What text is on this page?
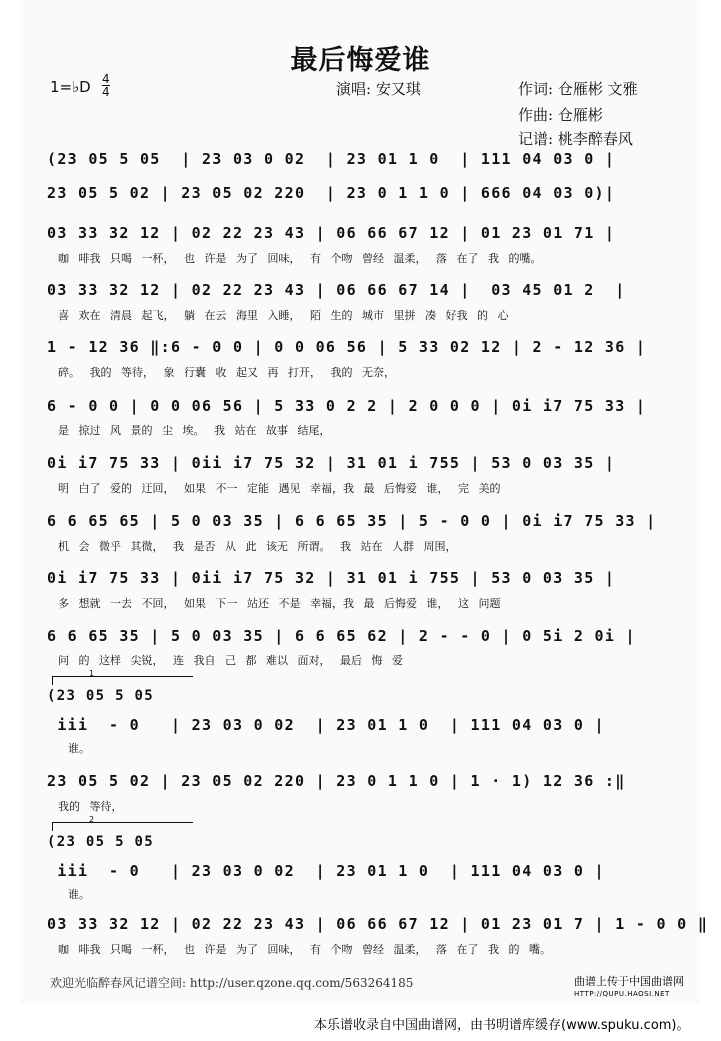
最后悔爱谁
1=♭D 4
4	演唱: 安又琪	作词: 仓雁彬 文雅
作曲: 仓雁彬
记谱: 桃李醉春风
(23 05 5 05  | 23 03 0 02  | 23 01 1 0  | 111 04 03 0 |
23 05 5 02 | 23 05 02 220  | 23 0 1 1 0 | 666 04 03 0)|
03 33 32 12 | 02 22 23 43 | 06 66 67 12 | 01 23 01 71 |
咖 啡我 只喝 一杯， 也 许是 为了 回味， 有 个吻 曾经 温柔， 落 在了 我 的嘴。
03 33 32 12 | 02 22 23 43 | 06 66 67 14 |  03 45 01 2  |
喜 欢在 清晨 起飞， 躺 在云 海里 入睡， 陌 生的 城市 里拼 凑 好我 的 心
1 - 12 36 ‖:6 - 0 0 | 0 0 06 56 | 5 33 02 12 | 2 - 12 36 |
碎。 我的 等待， 象 行囊 收 起又 再 打开， 我的 无奈，
6 - 0 0 | 0 0 06 56 | 5 33 0 2 2 | 2 0 0 0 | 0i i7 75 33 |
是 掠过 风 景的 尘 埃。 我 站在 故事 结尾，
0i i7 75 33 | 0ii i7 75 32 | 31 01 i 755 | 53 0 03 35 |
明 白了 爱的 迂回， 如果 不一 定能 遇见 幸福，我 最 后悔爱 谁， 完 美的
6 6 65 65 | 5 0 03 35 | 6 6 65 35 | 5 - 0 0 | 0i i7 75 33 |
机 会 微乎 其微， 我 是否 从 此 该无 所谓。 我 站在 人群 周围，
0i i7 75 33 | 0ii i7 75 32 | 31 01 i 755 | 53 0 03 35 |
多 想就 一去 不回， 如果 下一 站还 不是 幸福，我 最 后悔爱 谁， 这 问题
6 6 65 35 | 5 0 03 35 | 6 6 65 62 | 2 - - 0 | 0 5i 2 0i |
问 的 这样 尖锐， 连 我自 己 都 难以 面对， 最后 悔 爱
1
(23 05 5 05
iii  - 0   | 23 03 0 02  | 23 01 1 0  | 111 04 03 0 |
谁。
23 05 5 02 | 23 05 02 220 | 23 0 1 1 0 | 1 · 1) 12 36 :‖
我的 等待，
2
(23 05 5 05
iii  - 0   | 23 03 0 02  | 23 01 1 0  | 111 04 03 0 |
谁。
03 33 32 12 | 02 22 23 43 | 06 66 67 12 | 01 23 01 7 | 1 - 0 0 ‖
咖 啡我 只喝 一杯， 也 许是 为了 回味， 有 个吻 曾经 温柔， 落 在了 我 的 嘴。
欢迎光临醉春风记谱空间: http://user.qzone.qq.com/563264185	曲谱上传于中国曲谱网
HTTP://QUPU.HAOSI.NET
本乐谱收录自中国曲谱网，由书明谱库缓存(www.spuku.com)。
